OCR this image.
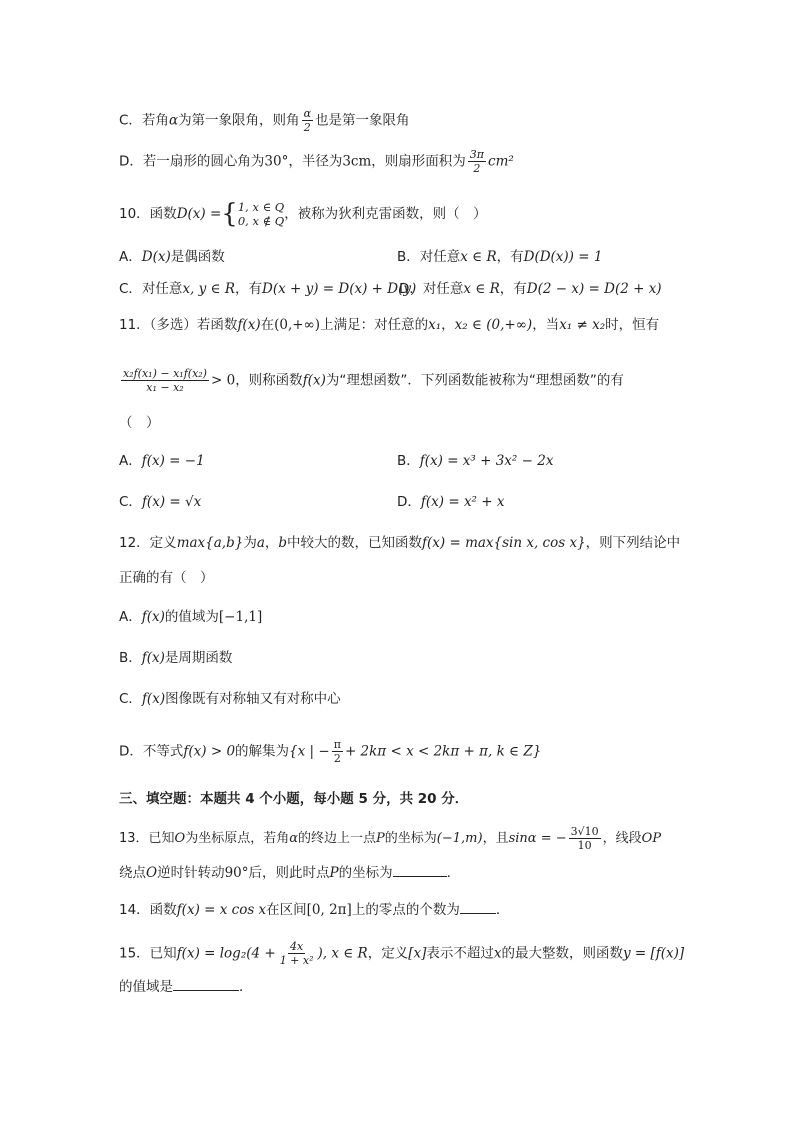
C．若角α为第一象限角，则角 $\frac{\alpha}{2}$ 也是第一象限角
D．若一扇形的圆心角为30°，半径为3cm，则扇形面积为 $\frac{3\pi}{2} cm^2$
10．函数D(x) ={ 1, x ∈ Q
0, x ∉ Q ，被称为狄利克雷函数，则（　）
A．D(x)是偶函数	B．对任意x ∈ R，有D(D(x)) = 1
C．对任意x, y ∈ R，有D(x + y) = D(x) + D(y)
D．对任意x ∈ R，有D(2 − x) = D(2 + x)
11．（多选）若函数f(x)在(0,+∞)上满足：对任意的x₁，x₂ ∈ (0,+∞)，当x₁ ≠ x₂时，恒有
$\frac{\text{x₂f(x₁) − x₁f(x₂)}}{\text{x₁ − x₂}} > 0$，则称函数f(x)为“理想函数”．下列函数能被称为“理想函数”的有
（　）
A．f(x) = −1	B．f(x) = x³ + 3x² − 2x
C．f(x) = √x	D．f(x) = x² + x
12．定义max{a,b}为a，b中较大的数，已知函数f(x) = max{sin x, cos x}，则下列结论中
正确的有（　）
A．f(x)的值域为[−1,1]
B．f(x)是周期函数
C．f(x)图像既有对称轴又有对称中心
D．不等式f(x) > 0的解集为{x | − $\frac{\pi}{2} + 2k\pi < x < 2k\pi + \pi$, k ∈ Z}
三、填空题：本题共 4 个小题，每小题 5 分，共 20 分．
13．已知O为坐标原点，若角α的终边上一点P的坐标为(−1,m)，且sinα = − $\frac{3√10}{10}$ ，线段OP
绕点O逆时针转动90°后，则此时点P的坐标为	．
14．函数f(x) = x cos x在区间[0, 2π]上的零点的个数为	．
15．已知$f(x) = \log_2(4 + \frac{4x}{\text{1 + x²}}$ ), x ∈ R，定义[x]表示不超过x的最大整数，则函数y = [f(x)]
的值域是	．
